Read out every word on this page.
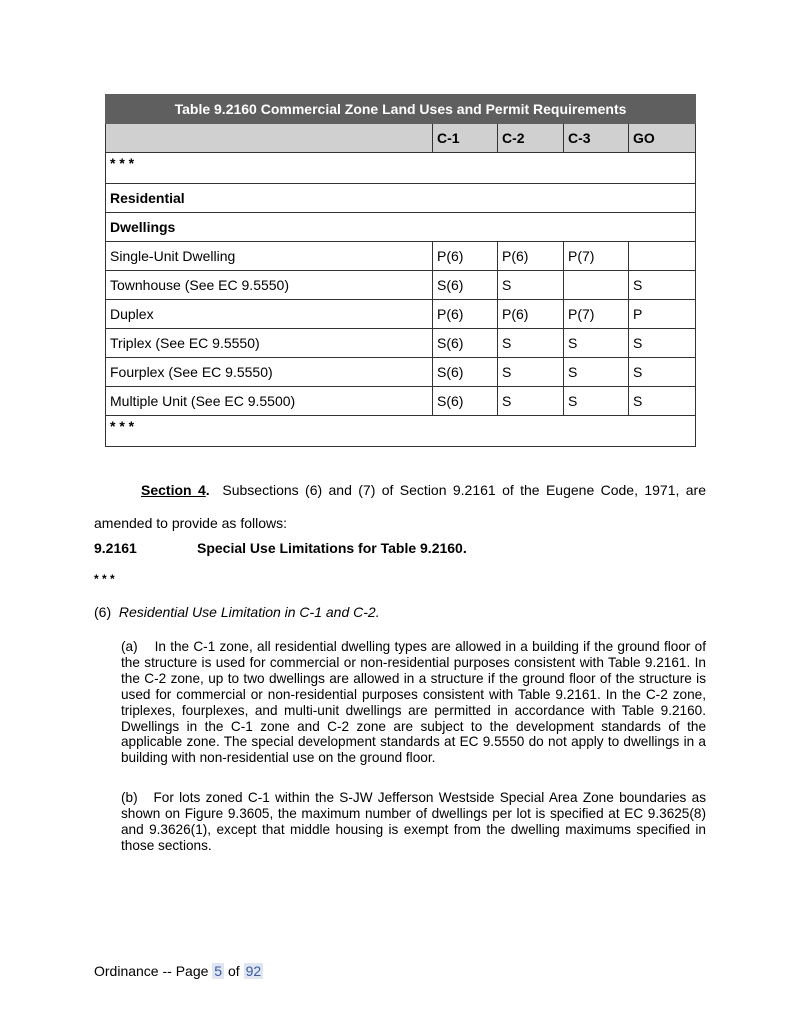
Table 9.2160 Commercial Zone Land Uses and Permit Requirements				
	C-1	C-2	C-3	GO
* * *				
Residential				
Dwellings				
Single-Unit Dwelling	P(6)	P(6)	P(7)	
Townhouse (See EC 9.5550)	S(6)	S		S
Duplex	P(6)	P(6)	P(7)	P
Triplex (See EC 9.5550)	S(6)	S	S	S
Fourplex (See EC 9.5550)	S(6)	S	S	S
Multiple Unit (See EC 9.5500)	S(6)	S	S	S
* * *				
Section 4. Subsections (6) and (7) of Section 9.2161 of the Eugene Code, 1971, are
amended to provide as follows:
9.2161	Special Use Limitations for Table 9.2160.
* * *
(6) Residential Use Limitation in C-1 and C-2.
(a)    In the C-1 zone, all residential dwelling types are allowed in a building if the ground floor of the structure is used for commercial or non-residential purposes consistent with Table 9.2161. In the C-2 zone, up to two dwellings are allowed in a structure if the ground floor of the structure is used for commercial or non-residential purposes consistent with Table 9.2161. In the C-2 zone, triplexes, fourplexes, and multi-unit dwellings are permitted in accordance with Table 9.2160. Dwellings in the C-1 zone and C-2 zone are subject to the development standards of the applicable zone. The special development standards at EC 9.5550 do not apply to dwellings in a building with non-residential use on the ground floor.
(b)   For lots zoned C-1 within the S-JW Jefferson Westside Special Area Zone boundaries as shown on Figure 9.3605, the maximum number of dwellings per lot is specified at EC 9.3625(8) and 9.3626(1), except that middle housing is exempt from the dwelling maximums specified in those sections.
Ordinance -- Page 5 of 92
